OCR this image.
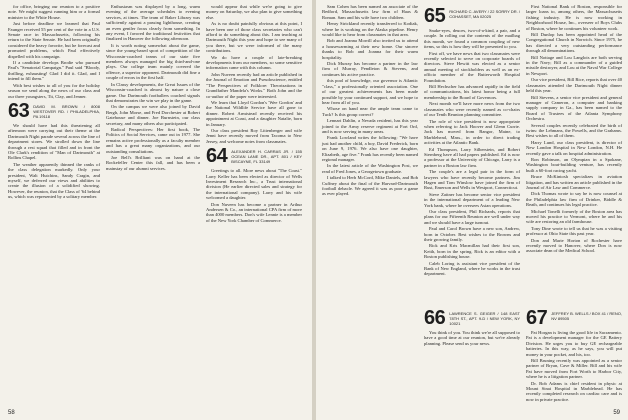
for office, bringing our reunion to a positive note. We might suggest running him or a formal minister to the White House.

Just before deadline we learned that Paul Faunger received 55 per cent of the vote in a U.S. Senate race in Massachusetts, following his return to the State Senate. He had been originally considered the heavy favorite, but he forecast and promoted problems, which Paul effectively dispelled with his campaign.

If a candidate develops Brodie who pursued Paul's "Senatorial Campaign." Paul said "Bloody, thrilling, exhausting! Glad I did it. Glad, and I intend to fill them."

With best wishes to all of you for the holiday season we send along the news of our class and our three youngsters, Tit, Clay, and Jenner.

63 DAVID M. BROWN / 8008 WESTOVER RD. / PHILADELPHIA, PA 19118

We should have had this threatening all afternoon were carrying out their theme at the Dartmouth Night parade several across the line of department stores. We strolled down the line through a rest squad that filled and in front the Ole Clark's rendition of "Man of Dartmouth" at Rollins Chapel.

The weather apparently thinned the ranks of the class delegation markedly. Only your president, Walt Hutchins, Sandy Cragin, and myself, we deferred our views and abilities to create the illusion of a solidified showing. However, the reunion, that the Class of '64 behind us, which was represented by a solitary member.

Enthusiasm was displayed by a long, warm evening of the average schedules to evening services, at times. The team of Baker Library was sufficiently against a passing lighthouse, creating an even gentler focus clearly from something. In any event, I favored the traditional festivities that finalized in Hanover the following afternoon.

It is worth noting somewhat about the game, since the young-based sport of competition of the Wisconsin-coached teams of our state five members always managed the big third-and-one plays. Our college team mainly covered the offence, a superior opponent. Dartmouth did fine a couple of errors in the first half.

In Classy developments, the Great Issues of the Wisconsin-coached is almost by nature a close game. Our Dartmouth footballers coached signals that demonstrates the win we play in the game.

On the campus we were also joined by David Bergh, John Morse, and Fred Dorchester at Robert Gatehouse and dinner. Joe Burnstein, our class secretary, and many others also participated.

Radical Perspectives: Her first book, The Politics of Social Services, came out in 1977. She remains active professionally as a faculty member and has a great many organizations, and our outstanding consultations.

Joe Bell's Brilliant was on hand at the Rockefeller Center this fall, and has been a mainstay of our alumni services.

would appear that while we're going to give money on Saturday, we also plan to give something else.

As is no doubt painfully obvious at this point, I have been one of those class secretaries who can't afford to do something about this. I am teaching at Dartmouth Night this year and hope to see many of you there, but we were informed of the many contributions.

We do have a couple of late-breaking developments from our members, so some sensitive information came with this column.

John Nuveen recently had an article published in the Journal of Emotion and Pseudoscience, entitled "The Perspectives of Folklore: Theorizations in Grandfather Mandela's Works." Both John and the co-author of the paper were interested.

We learn that Lloyd Gordon's 'Wee Gordon' and the National Wildlife Service have all gone to dinner. Robert Armistead recently received his appointment at Coast, and a daughter Natalie, born in January.

Our class president Roy Littenberger and wife Jenni have recently moved from Tacoma to New Jersey, and welcome notes from classmates.

64 ALEXANDER H. CARRAS JR. / 155 OCEAN LANE DR., APT. 801 / KEY BISCAYNE, FL 33149

Greetings to all. More news about "The Coast." Larry Keller has been elected as director of Wells Investment Research Inc., a Trust international division (He earlier directed sales and strategy for the international company). Larry and his wife welcomed a daughter.

Don Nuveen has become a partner in Arthur Andersen & Co., an international CPA firm of more than 4000 members. Don's wife Lennie is a member of the New York Chamber of Commerce.

58

Sam Cohen has been named an associate of the Bedford, Massachusetts law firm of Haas & Roman. Sam and his wife have two children.

Henry Strickland recently transferred to Kodiak, where he is working on the Alaska pipeline. Henry would like to hear from classmates in that area.

Bob and Joanna Morrill also invited us to attend a housewarming at their new home. Our sincere thanks to Bob and Joanna for their warm hospitality.

Dick Murray has become a partner in the law firm of Murray, Pendleton & Stevens, and continues his active practice.

this pool of knowledge, our governor is Atlantic "class," a professionally oriented association. One of our greatest achievements has been made possible by your continued support, and we hope to hear from all of you.

Whose on hand near the ample team came to Tuck? Is this group correct?

Lennart Dahlin, a Nevada resident, has this year joined to the Army reserve regiment at Fort Ord, and is now serving in many areas.

Frank Lowland writes the following: "We have just had another child, a boy, David Frederick, born on June 9, 1976. We also have one daughter, Elizabeth, age five." Frank has recently been named regional manager.

In the latest article of the Washington Post, we read of Fred Jones, a Georgetown graduate.

I talked to Herb McCord, Mike Daniels, and Bob Cuffney about the final of the Harvard-Dartmouth football debacle. We agreed it was as poor a game as ever played.

65 RICHARD C. AVERY / 22 SORRY DR. / COHASSET, MA 02025

Snake-eyes, deuces, two-of-a-kind, a pair, and a couple. In rolling out the contents of the mailbag this month, we found a common coupling of new items, so this is how they will be presented to you.

First off, we have news that two classmates were recently selected to serve on corporate boards of directors. Steve Hewitt was elected as a senior annual meeting of stockholders as well as an ex-officio member of the Butterworth Hospital Foundation.

Bill Hechscher has advanced rapidly in the field of communications, his latest honor being a full membership to the Board of Governors.

Next month we'll have more news from the two classmates who were recently named as co-chairs of our Tenth Reunion planning committee.

The role of vice president is now appropriate when referring to Jack Hoover and Glenn Currie. Jack has moved from Bangor, Maine, to Marblehead, Mass., in order to direct trading activities at the Atlantic Bank.

Ed Thompson, Larry Silberstein, and Robert Sternberg have all had papers published. Ed is now a professor at the University of Chicago, Larry is a partner in a Boston law firm.

The couple's are a legal pair in the form of lawyers who have recently become partners. Jim Hagen and Tom Winslow have joined the firm of Rust, Emerson and Wells in Westport, Connecticut.

Steve Zaitner has become senior vice president in the international department of a leading New York bank, where he oversees Asian operations.

Our class president, Phil Richards, reports that plans for our Fifteenth Reunion are well under way and we should have a large turnout.

Paul and Carol Brown have a new son, Andrew, born in October. Best wishes to the Browns and their growing family.

Rick and Kris Macmillan had their first son, Keith, born in the spring. Rick is an editor with a Boston publishing house.

Caleb Loring is assistant vice president of the Bank of New England, where he works in the trust department.

First National Bank of Boston, responsible for larger loans to, among others, the Massachusetts fishing industry. He is now working in Neighborhood House, Inc., overseer of Boys Clubs of Boston, where he continues his volunteer work.

Bill Dunlop has been appointed head of the Congregational Church in Norwich. Since 1975, he has directed a very outstanding performance through all denominations.

Bill Nottage and Lou Langlois are both serving in the Navy; Bill as a commander of a guided missile destroyer, and Lou at the Naval War College in Newport.

Our vice president, Bill Rice, reports that over 40 classmates attended the Dartmouth Night dinner held this year.

Bill Stevens, a senior vice president and general manager of Cameron, a computer and banking supply company in Ga., has been named to the Board of Trustees of the Atlanta Symphony Orchestra.

Several couples recently celebrated the birth of twins: the Lehmans, the Powells, and the Grahams. Best wishes to all of them.

Harry Lund, our class president, is director of New London Hospital in New London, N.H. He recently gave a talk on hospital administration.

Ron Robinson, an Olympian in a Spokane, Washington boat-building venture, has recently built a 60-foot racing yacht.

Bruce McKintosh specializes in aviation litigation, and has written an article published in the Journal of Air Law and Commerce.

Dick Thomas wrote to say he is now counsel at the Philadelphia law firm of Drinker, Biddle & Reath, and continues his legal practice.

Michael Tonelli formerly of the Boston area has moved his practice to Vermont, where he and his wife are restoring an old farmhouse.

Tony Dine wrote to tell us that he was a visiting professor at Ohio State this past year.

Don and Marie Horton of Rochester have recently moved to Hanover, where Don is now associate dean of the Medical School.

66 LAWRENCE S. GEIGER / 148 EAST 78TH ST., APT. 9-D / NEW YORK, NY 10021

You think of you. You think we're all supposed to have a good time at our reunion, but we're already planning. Please send us your news.

67 JEFFREY B. WELLS / BOX 41 / RENO, NV 89505

Pat Horgan is living the good life in Sacramento. Pat is a development manager for the GE Battery Division. He urges you to buy GE rechargeable batteries. In this way, as he says, you will put money in your pocket, and his, too.

Bill Bruning recently was appointed as a senior partner of Bryan, Cave & Miller. Bill and his wife Pat have moved from Fort Worth to Harbor City, where he is a litigation partner.

Dr. Bob Adams is chief resident in physic at Mount Sinai Hospital in Marblehead. He has recently completed research on cardiac care and is now in private practice.

59
